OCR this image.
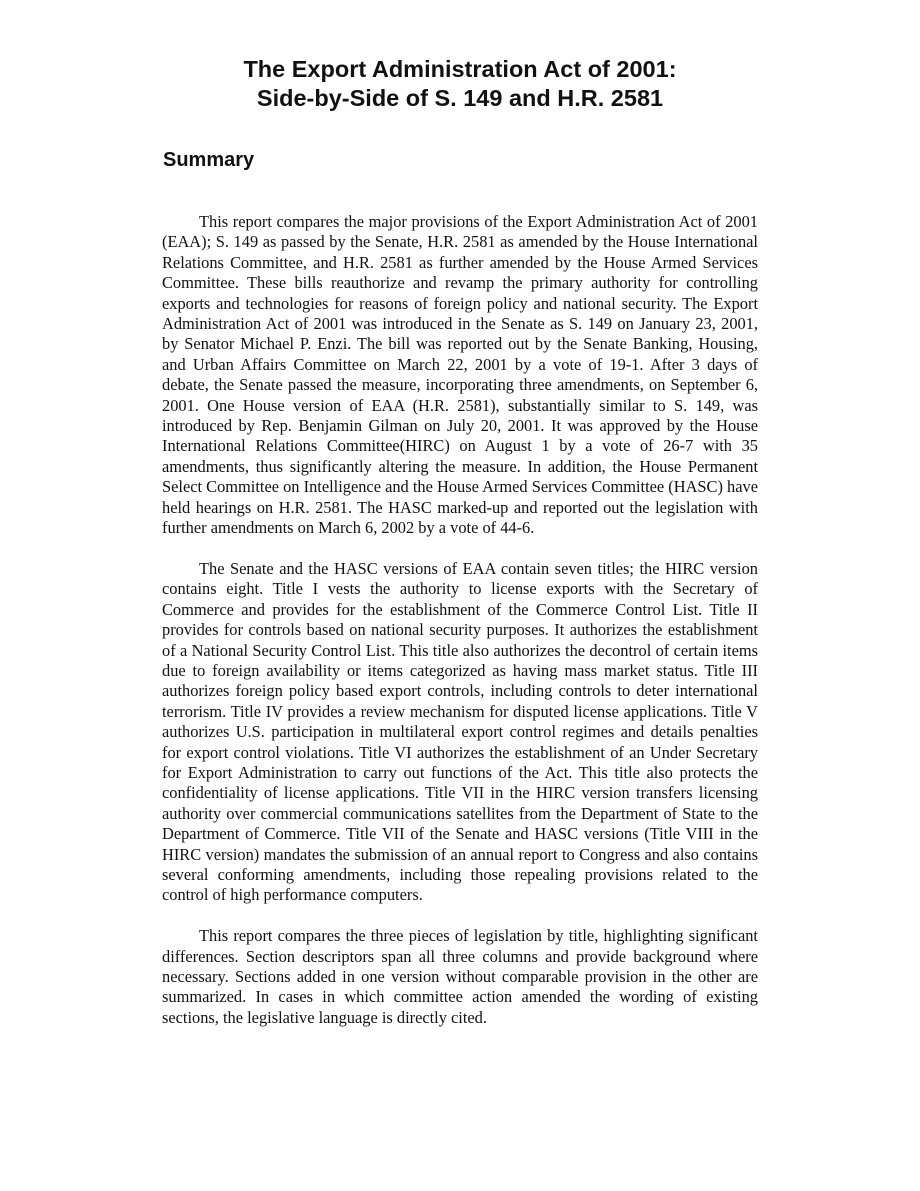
The Export Administration Act of 2001:
Side-by-Side of S. 149 and H.R. 2581
Summary

This report compares the major provisions of the Export Administration Act of 2001 (EAA); S. 149 as passed by the Senate, H.R. 2581 as amended by the House International Relations Committee, and H.R. 2581 as further amended by the House Armed Services Committee. These bills reauthorize and revamp the primary authority for controlling exports and technologies for reasons of foreign policy and national security. The Export Administration Act of 2001 was introduced in the Senate as S. 149 on January 23, 2001, by Senator Michael P. Enzi. The bill was reported out by the Senate Banking, Housing, and Urban Affairs Committee on March 22, 2001 by a vote of 19-1. After 3 days of debate, the Senate passed the measure, incorporating three amendments, on September 6, 2001. One House version of EAA (H.R. 2581), substantially similar to S. 149, was introduced by Rep. Benjamin Gilman on July 20, 2001. It was approved by the House International Relations Committee(HIRC) on August 1 by a vote of 26-7 with 35 amendments, thus significantly altering the measure. In addition, the House Permanent Select Committee on Intelligence and the House Armed Services Committee (HASC) have held hearings on H.R. 2581. The HASC marked-up and reported out the legislation with further amendments on March 6, 2002 by a vote of 44-6.

The Senate and the HASC versions of EAA contain seven titles; the HIRC version contains eight. Title I vests the authority to license exports with the Secretary of Commerce and provides for the establishment of the Commerce Control List. Title II provides for controls based on national security purposes. It authorizes the establishment of a National Security Control List. This title also authorizes the decontrol of certain items due to foreign availability or items categorized as having mass market status. Title III authorizes foreign policy based export controls, including controls to deter international terrorism. Title IV provides a review mechanism for disputed license applications. Title V authorizes U.S. participation in multilateral export control regimes and details penalties for export control violations. Title VI authorizes the establishment of an Under Secretary for Export Administration to carry out functions of the Act. This title also protects the confidentiality of license applications. Title VII in the HIRC version transfers licensing authority over commercial communications satellites from the Department of State to the Department of Commerce. Title VII of the Senate and HASC versions (Title VIII in the HIRC version) mandates the submission of an annual report to Congress and also contains several conforming amendments, including those repealing provisions related to the control of high performance computers.

This report compares the three pieces of legislation by title, highlighting significant differences. Section descriptors span all three columns and provide background where necessary. Sections added in one version without comparable provision in the other are summarized. In cases in which committee action amended the wording of existing sections, the legislative language is directly cited.
